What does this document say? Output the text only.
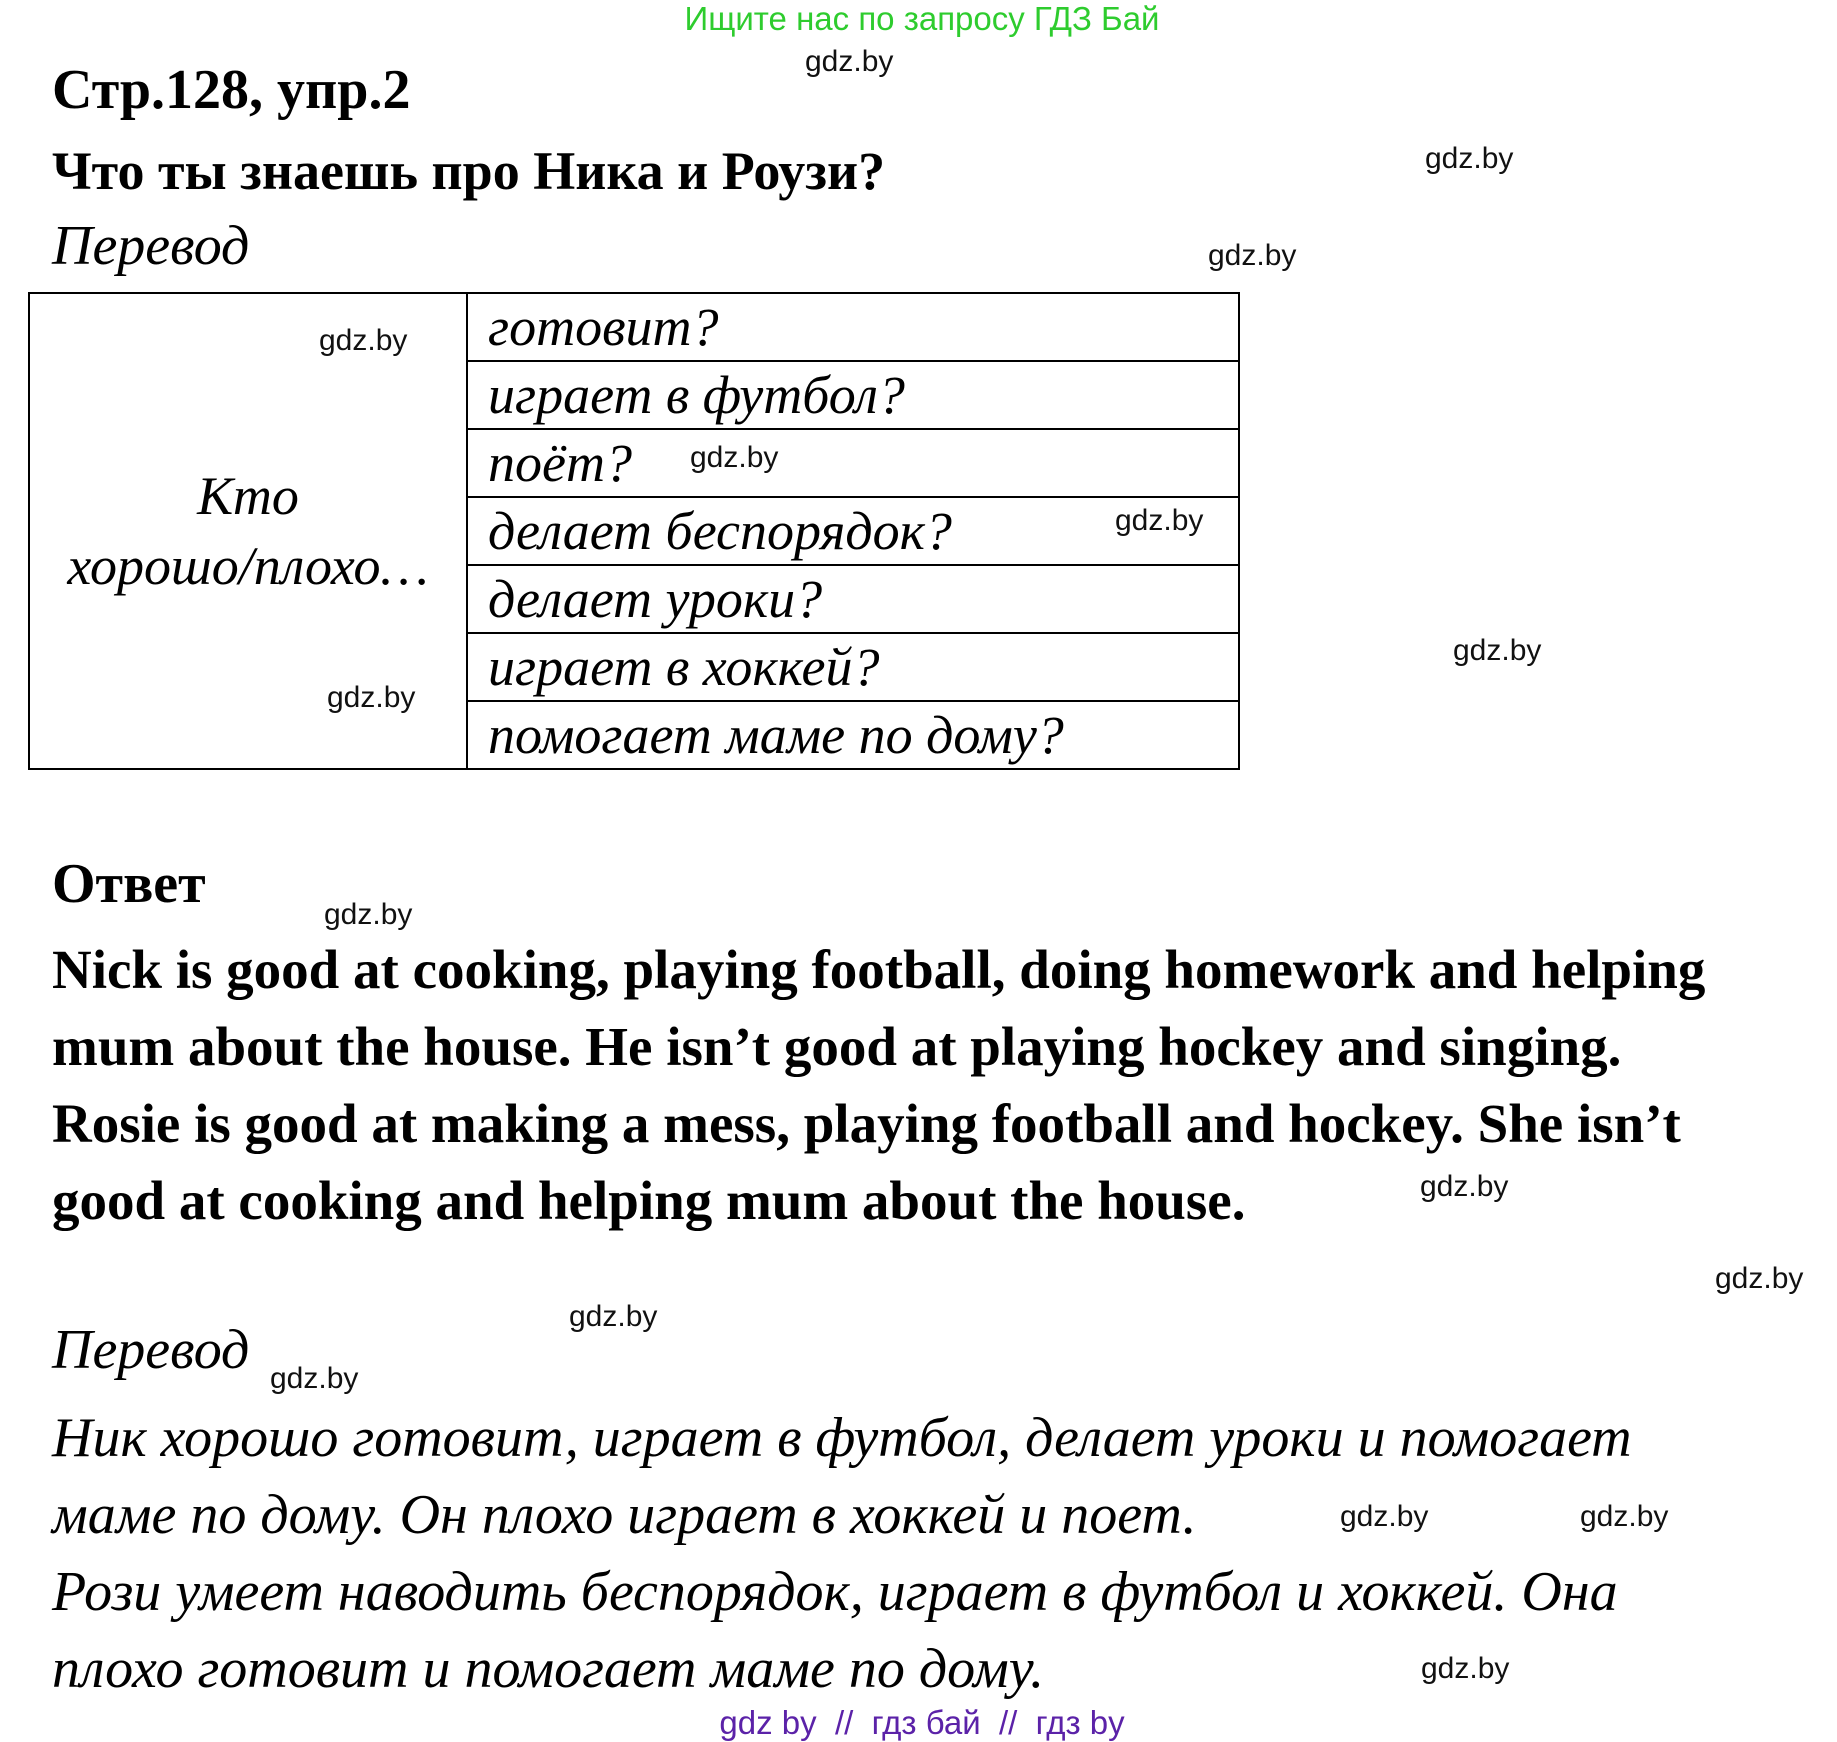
Ищите нас по запросу ГДЗ Бай
Стр.128, упр.2
Что ты знаешь про Ника и Роузи?
Перевод
Кто
хорошо/плохо…
	готовит?
играет в футбол?
поёт?
делает беспорядок?
делает уроки?
играет в хоккей?
помогает маме по дому?
Ответ
Nick is good at cooking, playing football, doing homework and helping
mum about the house. He isn’t good at playing hockey and singing.
Rosie is good at making a mess, playing football and hockey. She isn’t
good at cooking and helping mum about the house.
Перевод
Ник хорошо готовит, играет в футбол, делает уроки и помогает
маме по дому. Он плохо играет в хоккей и поет.
Рози умеет наводить беспорядок, играет в футбол и хоккей. Она
плохо готовит и помогает маме по дому.
gdz.by
gdz.by
gdz.by
gdz.by
gdz.by
gdz.by
gdz.by
gdz.by
gdz.by
gdz.by
gdz.by
gdz.by
gdz.by
gdz.by	gdz.by
gdz.by
gdz by  //  гдз бай  //  гдз by
